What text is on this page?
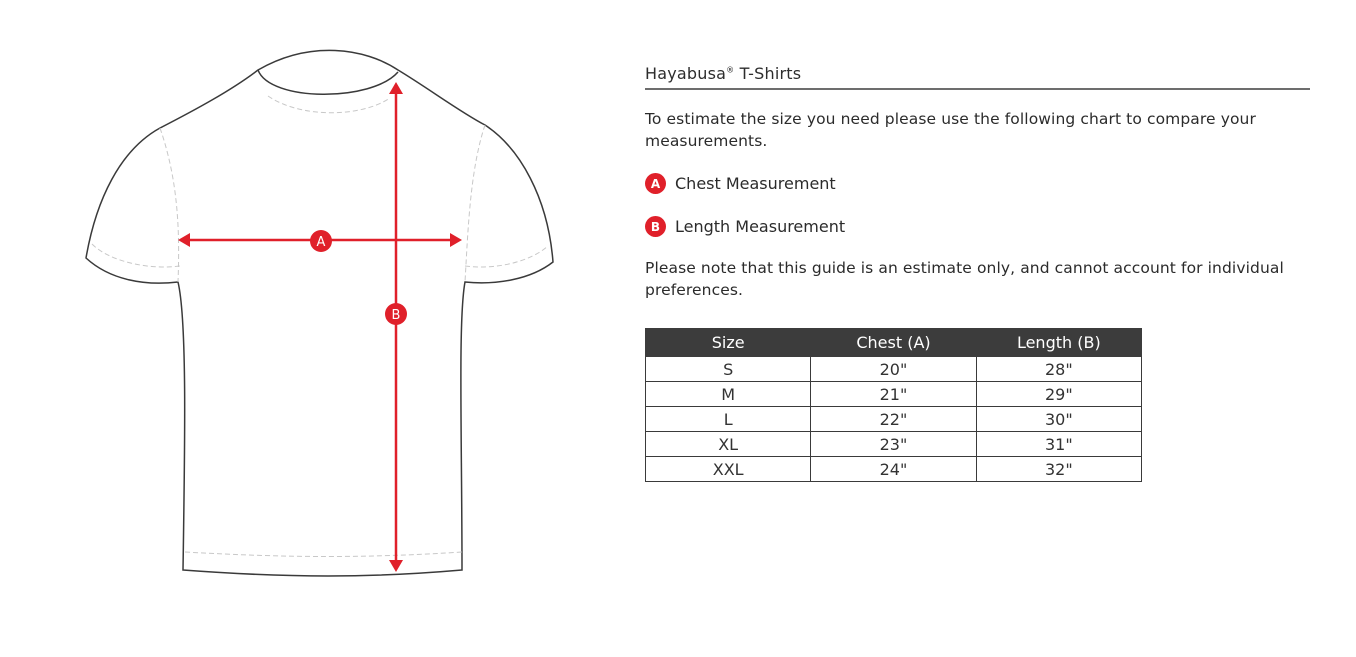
A
B
Hayabusa® T-Shirts
To estimate the size you need please use the following chart to compare your measurements.
A Chest Measurement
B Length Measurement
Please note that this guide is an estimate only, and cannot account for individual preferences.
Size	Chest (A)	Length (B)
S	20"	28"
M	21"	29"
L	22"	30"
XL	23"	31"
XXL	24"	32"
